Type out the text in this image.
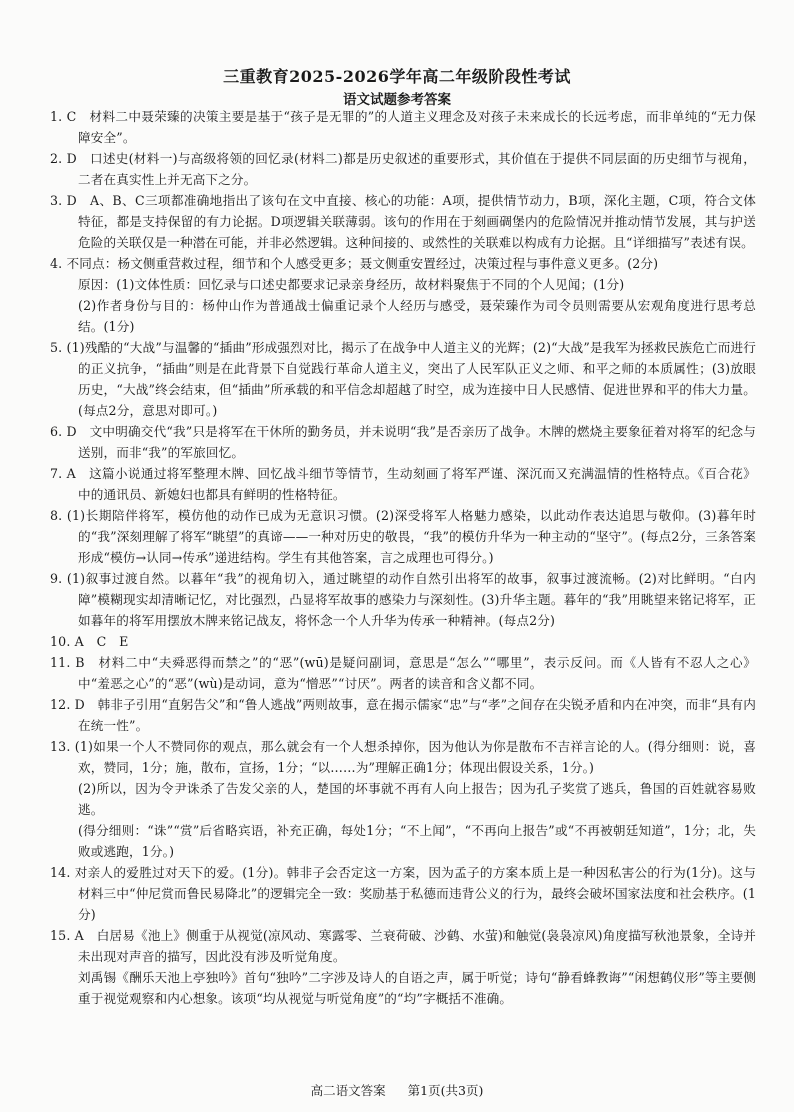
三重教育2025-2026学年高二年级阶段性考试
语文试题参考答案

1. C　材料二中聂荣臻的决策主要是基于“孩子是无罪的”的人道主义理念及对孩子未来成长的长远考虑，而非单纯的“无力保障安全”。

2. D　口述史(材料一)与高级将领的回忆录(材料二)都是历史叙述的重要形式，其价值在于提供不同层面的历史细节与视角，二者在真实性上并无高下之分。

3. D　A、B、C三项都准确地指出了该句在文中直接、核心的功能：A项，提供情节动力，B项，深化主题，C项，符合文体特征，都是支持保留的有力论据。D项逻辑关联薄弱。该句的作用在于刻画碉堡内的危险情况并推动情节发展，其与护送危险的关联仅是一种潜在可能，并非必然逻辑。这种间接的、或然性的关联难以构成有力论据。且“详细描写”表述有误。

4. 不同点：杨文侧重营救过程，细节和个人感受更多；聂文侧重安置经过，决策过程与事件意义更多。(2分)

原因：(1)文体性质：回忆录与口述史都要求记录亲身经历，故材料聚焦于不同的个人见闻；(1分)

(2)作者身份与目的：杨仲山作为普通战士偏重记录个人经历与感受，聂荣臻作为司令员则需要从宏观角度进行思考总结。(1分)

5. (1)残酷的“大战”与温馨的“插曲”形成强烈对比，揭示了在战争中人道主义的光辉；(2)“大战”是我军为拯救民族危亡而进行的正义抗争，“插曲”则是在此背景下自觉践行革命人道主义，突出了人民军队正义之师、和平之师的本质属性；(3)放眼历史，“大战”终会结束，但“插曲”所承载的和平信念却超越了时空，成为连接中日人民感情、促进世界和平的伟大力量。(每点2分，意思对即可。)

6. D　文中明确交代“我”只是将军在干休所的勤务员，并未说明“我”是否亲历了战争。木牌的燃烧主要象征着对将军的纪念与送别，而非“我”的军旅回忆。

7. A　这篇小说通过将军整理木牌、回忆战斗细节等情节，生动刻画了将军严谨、深沉而又充满温情的性格特点。《百合花》中的通讯员、新媳妇也都具有鲜明的性格特征。

8. (1)长期陪伴将军，模仿他的动作已成为无意识习惯。(2)深受将军人格魅力感染，以此动作表达追思与敬仰。(3)暮年时的“我”深刻理解了将军“眺望”的真谛——一种对历史的敬畏，“我”的模仿升华为一种主动的“坚守”。(每点2分，三条答案形成“模仿→认同→传承”递进结构。学生有其他答案，言之成理也可得分。)

9. (1)叙事过渡自然。以暮年“我”的视角切入，通过眺望的动作自然引出将军的故事，叙事过渡流畅。(2)对比鲜明。“白内障”模糊现实却清晰记忆，对比强烈，凸显将军故事的感染力与深刻性。(3)升华主题。暮年的“我”用眺望来铭记将军，正如暮年的将军用摆放木牌来铭记战友，将怀念一个人升华为传承一种精神。(每点2分)

10. A　C　E

11. B　材料二中“夫舜恶得而禁之”的“恶”(wū)是疑问副词，意思是“怎么”“哪里”，表示反问。而《人皆有不忍人之心》中“羞恶之心”的“恶”(wù)是动词，意为“憎恶”“讨厌”。两者的读音和含义都不同。

12. D　韩非子引用“直躬告父”和“鲁人逃战”两则故事，意在揭示儒家“忠”与“孝”之间存在尖锐矛盾和内在冲突，而非“具有内在统一性”。

13. (1)如果一个人不赞同你的观点，那么就会有一个人想杀掉你，因为他认为你是散布不吉祥言论的人。(得分细则：说，喜欢，赞同，1分；施，散布，宣扬，1分；“以……为”理解正确1分；体现出假设关系，1分。)

(2)所以，因为令尹诛杀了告发父亲的人，楚国的坏事就不再有人向上报告；因为孔子奖赏了逃兵，鲁国的百姓就容易败逃。

(得分细则：“诛”“赏”后省略宾语，补充正确，每处1分；“不上闻”，“不再向上报告”或“不再被朝廷知道”，1分；北，失败或逃跑，1分。)

14. 对亲人的爱胜过对天下的爱。(1分)。韩非子会否定这一方案，因为孟子的方案本质上是一种因私害公的行为(1分)。这与材料三中“仲尼赏而鲁民易降北”的逻辑完全一致：奖励基于私德而违背公义的行为，最终会破坏国家法度和社会秩序。(1分)

15. A　白居易《池上》侧重于从视觉(凉风动、寒露零、兰衰荷破、沙鹤、水萤)和触觉(袅袅凉风)角度描写秋池景象，全诗并未出现对声音的描写，因此没有涉及听觉角度。

刘禹锡《酬乐天池上亭独吟》首句“独吟”二字涉及诗人的自语之声，属于听觉；诗句“静看蜂教诲”“闲想鹤仪形”等主要侧重于视觉观察和内心想象。该项“均从视觉与听觉角度”的“均”字概括不准确。

高二语文答案 第1页(共3页)
